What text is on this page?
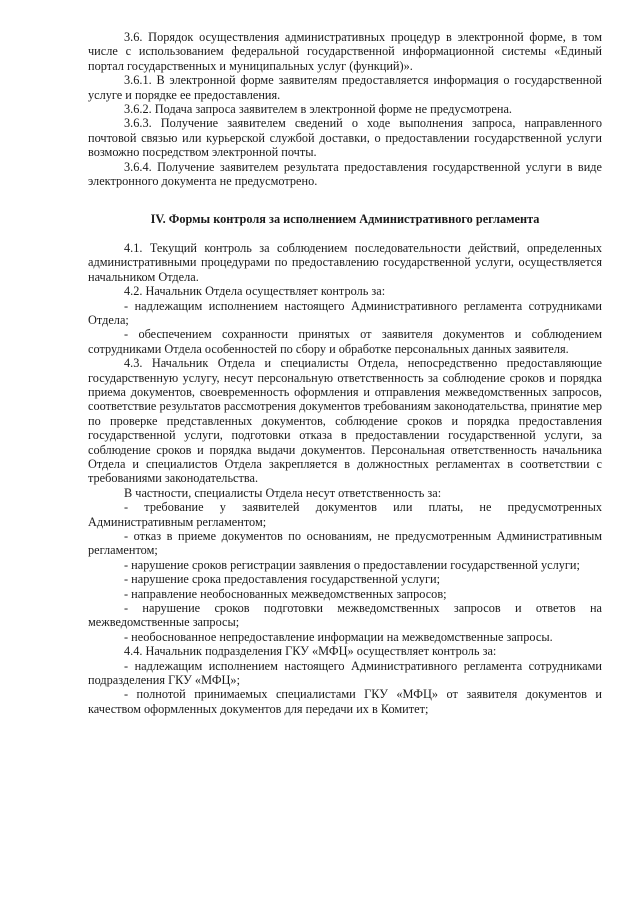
3.6. Порядок осуществления административных процедур в электронной форме, в том числе с использованием федеральной государственной информационной системы «Единый портал государственных и муниципальных услуг (функций)».

3.6.1. В электронной форме заявителям предоставляется информация о государственной услуге и порядке ее предоставления.

3.6.2. Подача запроса заявителем в электронной форме не предусмотрена.

3.6.3. Получение заявителем сведений о ходе выполнения запроса, направленного почтовой связью или курьерской службой доставки, о предоставлении государственной услуги возможно посредством электронной почты.

3.6.4. Получение заявителем результата предоставления государственной услуги в виде электронного документа не предусмотрено.

IV. Формы контроля за исполнением Административного регламента

4.1. Текущий контроль за соблюдением последовательности действий, определенных административными процедурами по предоставлению государственной услуги, осуществляется начальником Отдела.

4.2. Начальник Отдела осуществляет контроль за:

- надлежащим исполнением настоящего Административного регламента сотрудниками Отдела;

- обеспечением сохранности принятых от заявителя документов и соблюдением сотрудниками Отдела особенностей по сбору и обработке персональных данных заявителя.

4.3. Начальник Отдела и специалисты Отдела, непосредственно предоставляющие государственную услугу, несут персональную ответственность за соблюдение сроков и порядка приема документов, своевременность оформления и отправления межведомственных запросов, соответствие результатов рассмотрения документов требованиям законодательства, принятие мер по проверке представленных документов, соблюдение сроков и порядка предоставления государственной услуги, подготовки отказа в предоставлении государственной услуги, за соблюдение сроков и порядка выдачи документов. Персональная ответственность начальника Отдела и специалистов Отдела закрепляется в должностных регламентах в соответствии с требованиями законодательства.

В частности, специалисты Отдела несут ответственность за:

- требование у заявителей документов или платы, не предусмотренных Административным регламентом;

- отказ в приеме документов по основаниям, не предусмотренным Административным регламентом;

- нарушение сроков регистрации заявления о предоставлении государственной услуги;

- нарушение срока предоставления государственной услуги;

- направление необоснованных межведомственных запросов;

- нарушение сроков подготовки межведомственных запросов и ответов на межведомственные запросы;

- необоснованное непредоставление информации на межведомственные запросы.

4.4. Начальник подразделения ГКУ «МФЦ» осуществляет контроль за:

- надлежащим исполнением настоящего Административного регламента сотрудниками подразделения ГКУ «МФЦ»;

- полнотой принимаемых специалистами ГКУ «МФЦ» от заявителя документов и качеством оформленных документов для передачи их в Комитет;
